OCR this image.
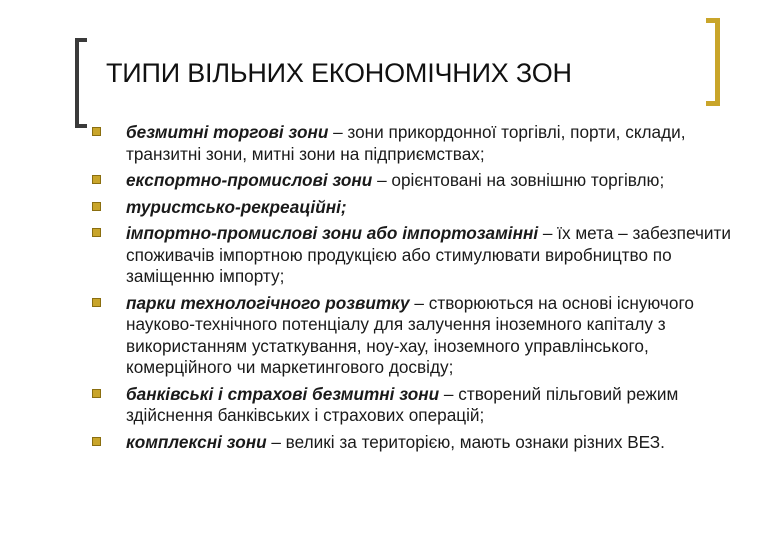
ТИПИ ВІЛЬНИХ ЕКОНОМІЧНИХ ЗОН
безмитні торгові зони – зони прикордонної торгівлі, порти, склади, транзитні зони, митні зони на підприємствах;
експортно-промислові зони – орієнтовані на зовнішню торгівлю;
туристсько-рекреаційні;
імпортно-промислові зони або імпортозамінні – їх мета – забезпечити споживачів імпортною продукцією або стимулювати виробництво по заміщенню імпорту;
парки технологічного розвитку – створюються на основі існуючого науково-технічного потенціалу для залучення іноземного капіталу з використанням устаткування, ноу-хау, іноземного управлінського, комерційного чи маркетингового досвіду;
банківські і страхові безмитні зони – створений пільговий режим здійснення банківських і страхових операцій;
комплексні зони – великі за територією, мають ознаки різних ВЕЗ.
